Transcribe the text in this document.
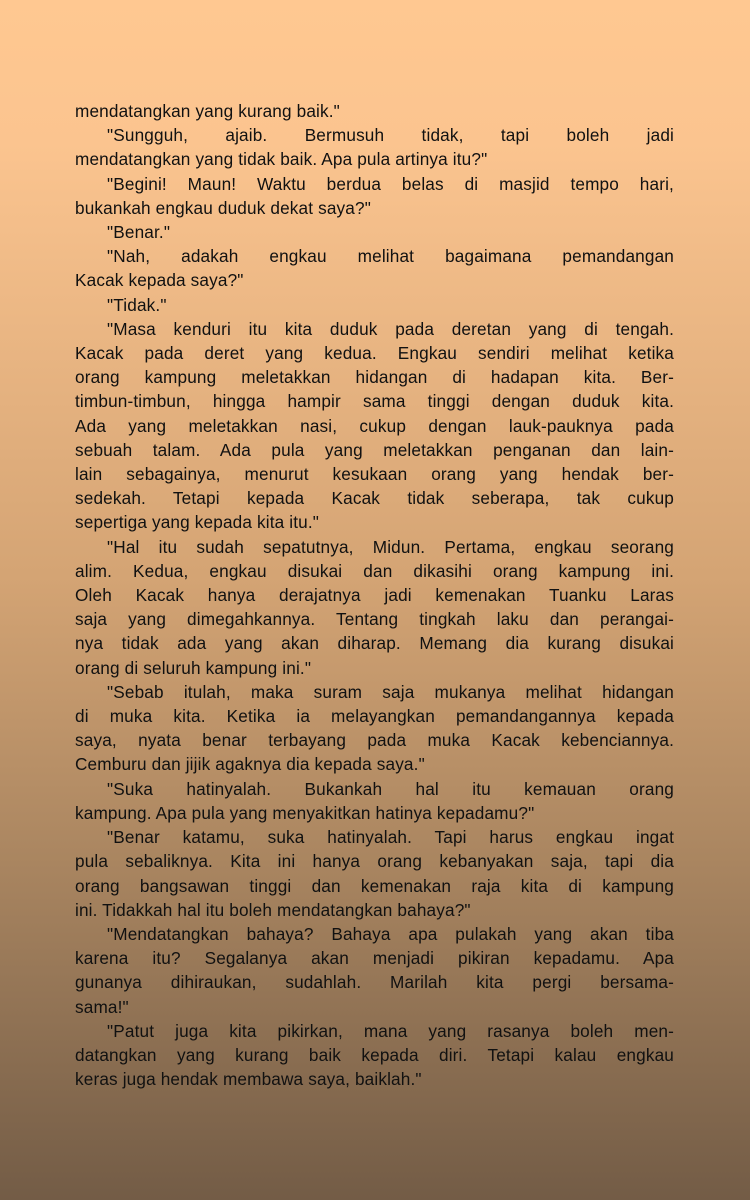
mendatangkan yang kurang baik."
"Sungguh, ajaib. Bermusuh tidak, tapi boleh jadi
mendatangkan yang tidak baik. Apa pula artinya itu?"
"Begini! Maun! Waktu berdua belas di masjid tempo hari,
bukankah engkau duduk dekat saya?"
"Benar."
"Nah, adakah engkau melihat bagaimana pemandangan
Kacak kepada saya?"
"Tidak."
"Masa kenduri itu kita duduk pada deretan yang di tengah.
Kacak pada deret yang kedua. Engkau sendiri melihat ketika
orang kampung meletakkan hidangan di hadapan kita. Ber-
timbun-timbun, hingga hampir sama tinggi dengan duduk kita.
Ada yang meletakkan nasi, cukup dengan lauk-pauknya pada
sebuah talam. Ada pula yang meletakkan penganan dan lain-
lain sebagainya, menurut kesukaan orang yang hendak ber-
sedekah. Tetapi kepada Kacak tidak seberapa, tak cukup
sepertiga yang kepada kita itu."
"Hal itu sudah sepatutnya, Midun. Pertama, engkau seorang
alim. Kedua, engkau disukai dan dikasihi orang kampung ini.
Oleh Kacak hanya derajatnya jadi kemenakan Tuanku Laras
saja yang dimegahkannya. Tentang tingkah laku dan perangai-
nya tidak ada yang akan diharap. Memang dia kurang disukai
orang di seluruh kampung ini."
"Sebab itulah, maka suram saja mukanya melihat hidangan
di muka kita. Ketika ia melayangkan pemandangannya kepada
saya, nyata benar terbayang pada muka Kacak kebenciannya.
Cemburu dan jijik agaknya dia kepada saya."
"Suka hatinyalah. Bukankah hal itu kemauan orang
kampung. Apa pula yang menyakitkan hatinya kepadamu?"
"Benar katamu, suka hatinyalah. Tapi harus engkau ingat
pula sebaliknya. Kita ini hanya orang kebanyakan saja, tapi dia
orang bangsawan tinggi dan kemenakan raja kita di kampung
ini. Tidakkah hal itu boleh mendatangkan bahaya?"
"Mendatangkan bahaya? Bahaya apa pulakah yang akan tiba
karena itu? Segalanya akan menjadi pikiran kepadamu. Apa
gunanya dihiraukan, sudahlah. Marilah kita pergi bersama-
sama!"
"Patut juga kita pikirkan, mana yang rasanya boleh men-
datangkan yang kurang baik kepada diri. Tetapi kalau engkau
keras juga hendak membawa saya, baiklah."
